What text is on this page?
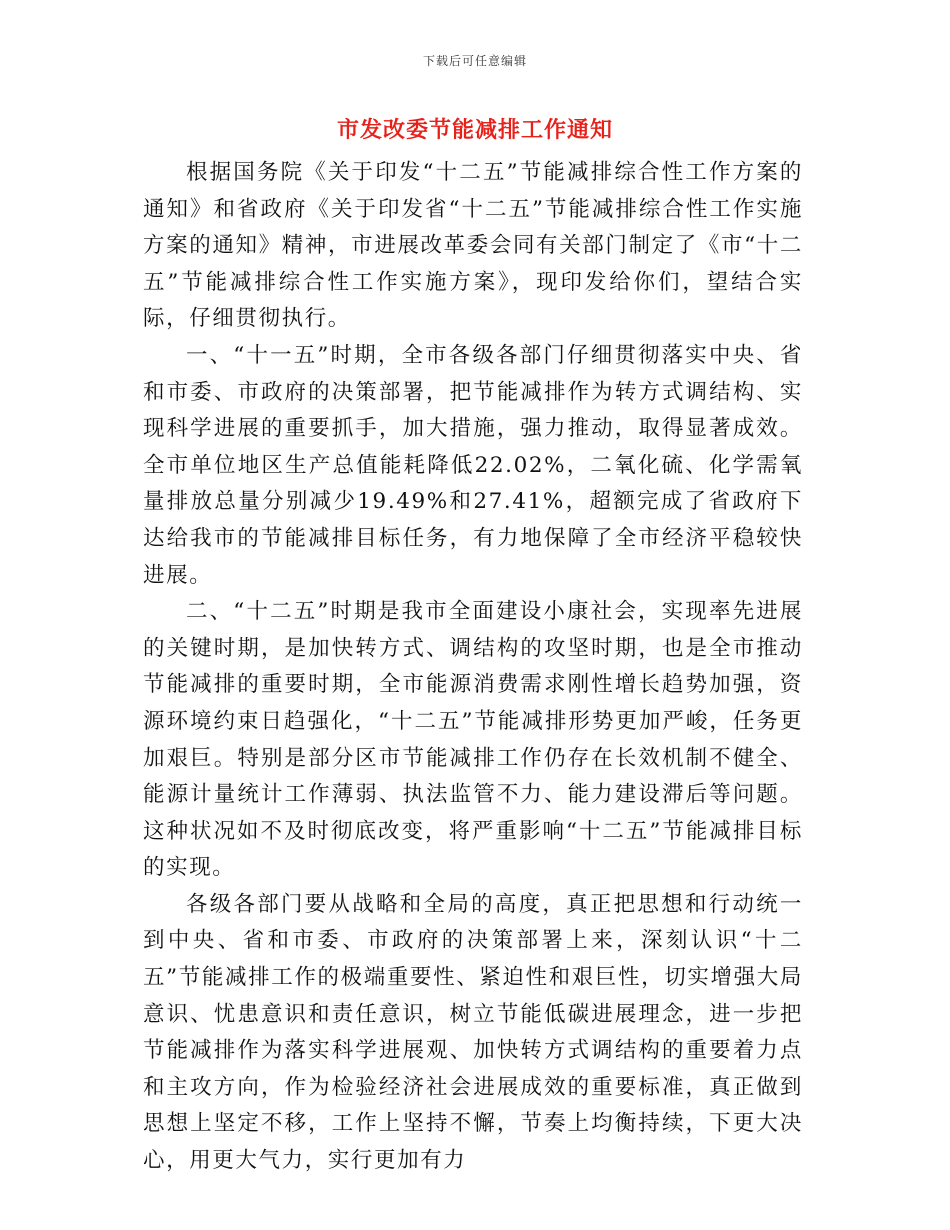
下载后可任意编辑
市发改委节能减排工作通知

根据国务院《关于印发“十二五”节能减排综合性工作方案的通知》和省政府《关于印发省“十二五”节能减排综合性工作实施方案的通知》精神，市进展改革委会同有关部门制定了《市“十二五”节能减排综合性工作实施方案》，现印发给你们，望结合实际，仔细贯彻执行。

一、“十一五”时期，全市各级各部门仔细贯彻落实中央、省和市委、市政府的决策部署，把节能减排作为转方式调结构、实现科学进展的重要抓手，加大措施，强力推动，取得显著成效。全市单位地区生产总值能耗降低22.02%，二氧化硫、化学需氧量排放总量分别减少19.49%和27.41%，超额完成了省政府下达给我市的节能减排目标任务，有力地保障了全市经济平稳较快进展。

二、“十二五”时期是我市全面建设小康社会，实现率先进展的关键时期，是加快转方式、调结构的攻坚时期，也是全市推动节能减排的重要时期，全市能源消费需求刚性增长趋势加强，资源环境约束日趋强化，“十二五”节能减排形势更加严峻，任务更加艰巨。特别是部分区市节能减排工作仍存在长效机制不健全、能源计量统计工作薄弱、执法监管不力、能力建设滞后等问题。这种状况如不及时彻底改变，将严重影响“十二五”节能减排目标的实现。

各级各部门要从战略和全局的高度，真正把思想和行动统一到中央、省和市委、市政府的决策部署上来，深刻认识“十二五”节能减排工作的极端重要性、紧迫性和艰巨性，切实增强大局意识、忧患意识和责任意识，树立节能低碳进展理念，进一步把节能减排作为落实科学进展观、加快转方式调结构的重要着力点和主攻方向，作为检验经济社会进展成效的重要标准，真正做到思想上坚定不移，工作上坚持不懈，节奏上均衡持续，下更大决心，用更大气力，实行更加有力
